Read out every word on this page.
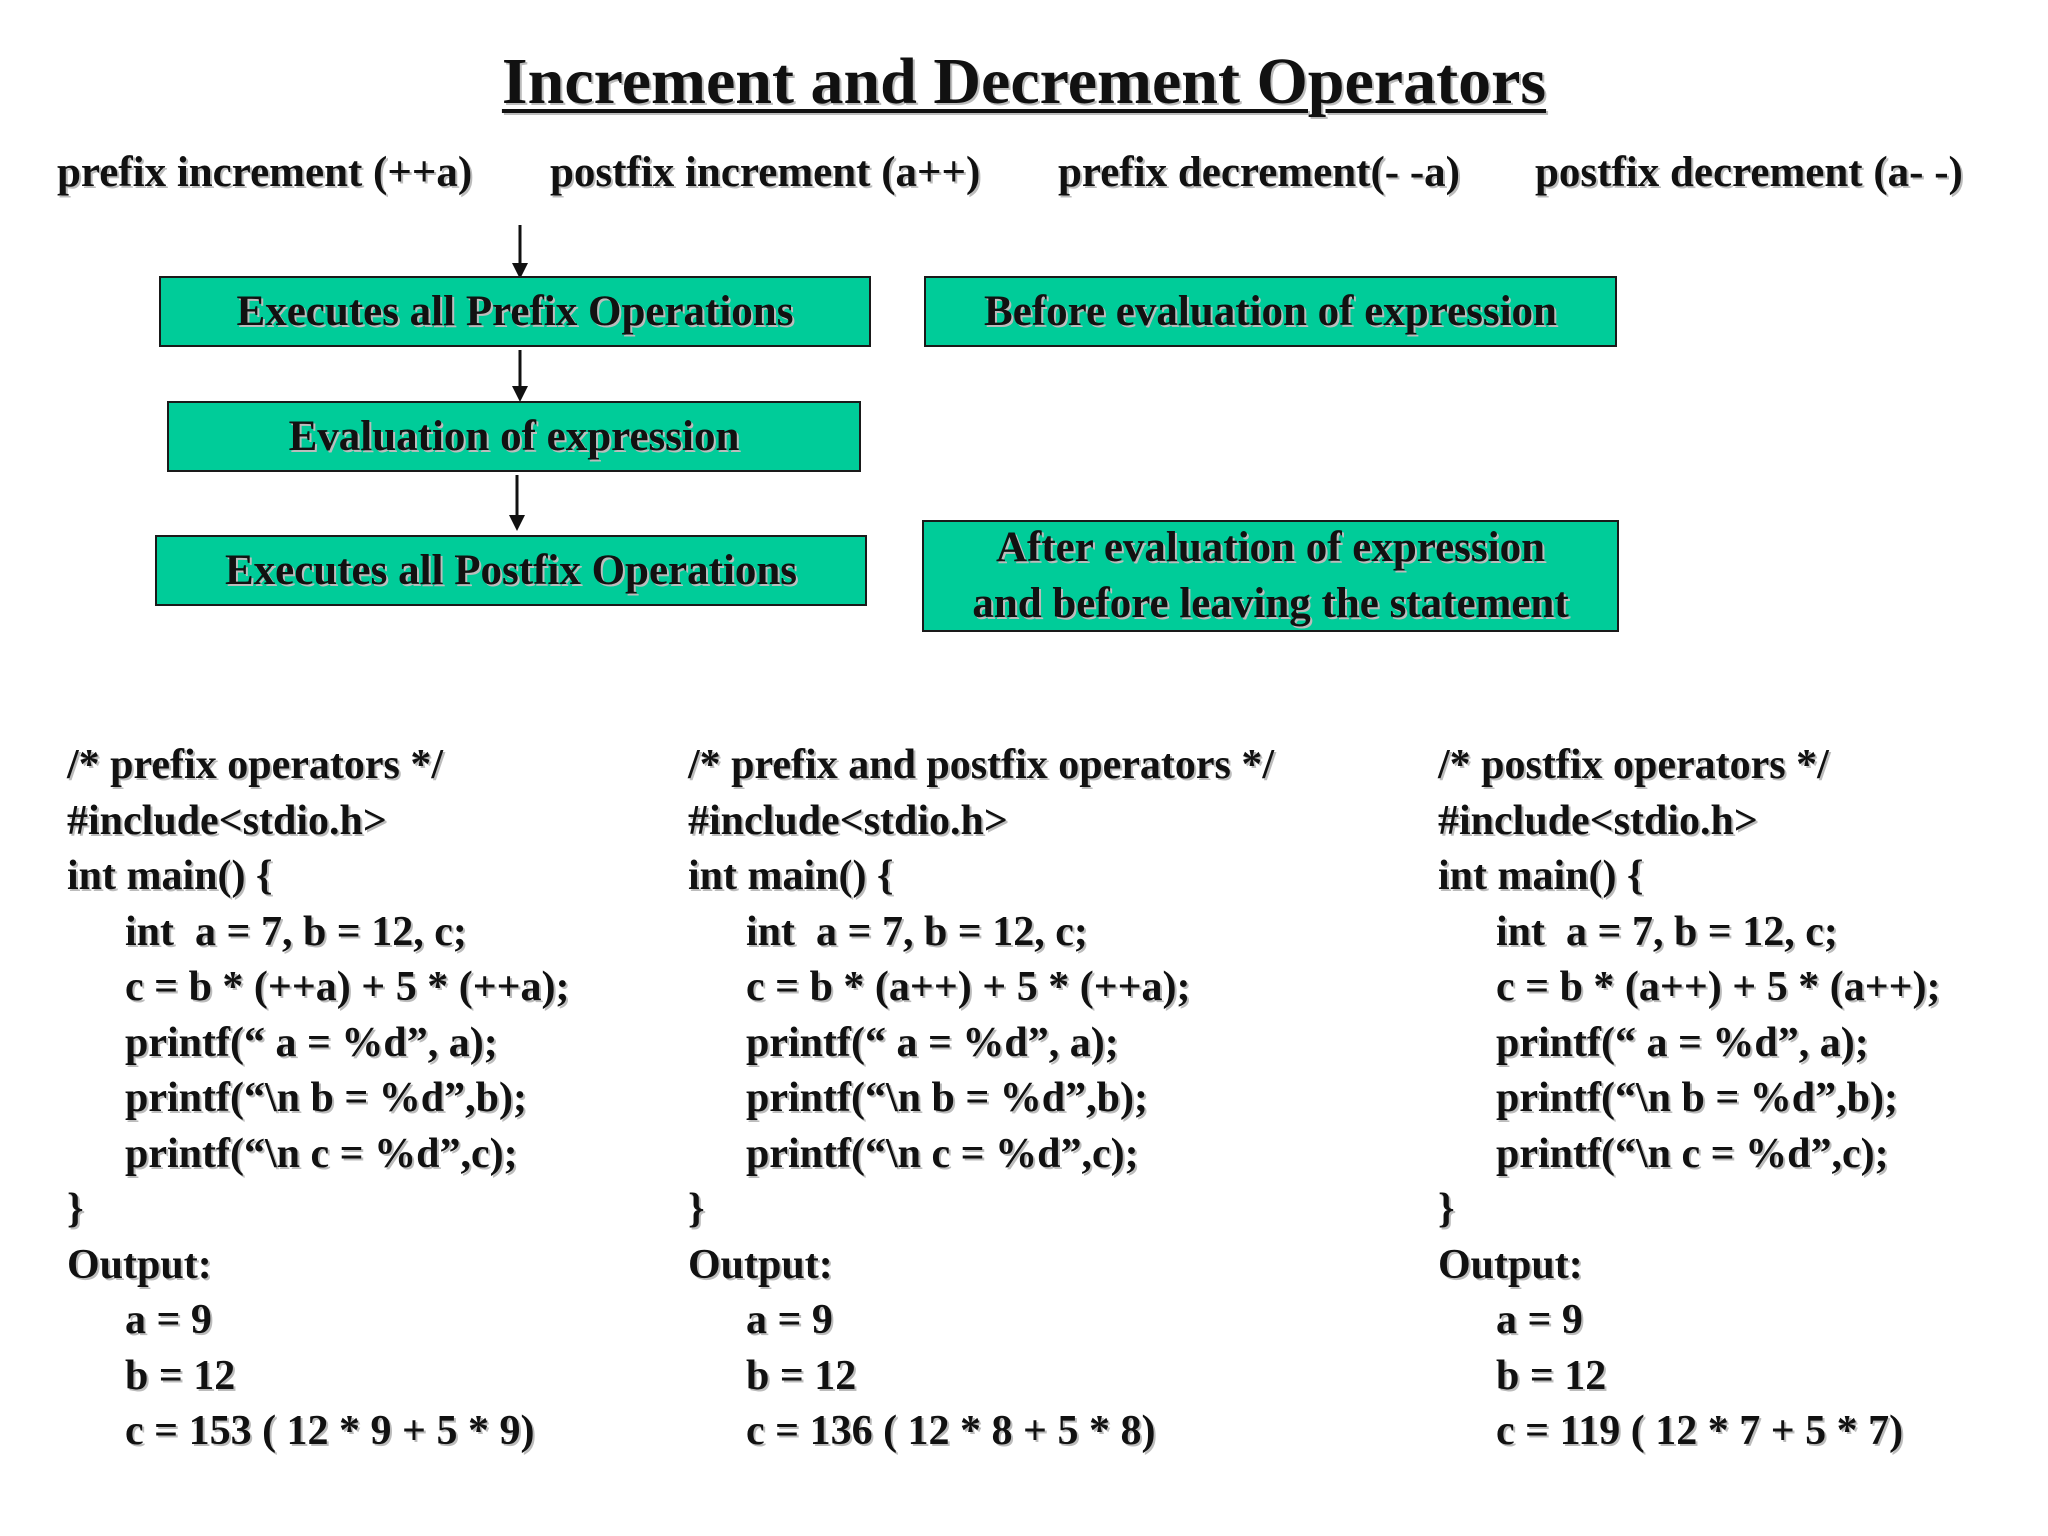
Increment and Decrement Operators
prefix increment (++a) postfix increment (a++) prefix decrement(- -a) postfix decrement (a- -)
Executes all Prefix Operations	Before evaluation of expression
Evaluation of expression
Executes all Postfix Operations	After evaluation of expression
and before leaving the statement
/* prefix operators */
#include<stdio.h>
int main() {
int  a = 7, b = 12, c;
c = b * (++a) + 5 * (++a);
printf(“ a = %d”, a);
printf(“\n b = %d”,b);
printf(“\n c = %d”,c);
}
Output:
a = 9
b = 12
c = 153 ( 12 * 9 + 5 * 9)
/* prefix and postfix operators */
#include<stdio.h>
int main() {
int  a = 7, b = 12, c;
c = b * (a++) + 5 * (++a);
printf(“ a = %d”, a);
printf(“\n b = %d”,b);
printf(“\n c = %d”,c);
}
Output:
a = 9
b = 12
c = 136 ( 12 * 8 + 5 * 8)
/* postfix operators */
#include<stdio.h>
int main() {
int  a = 7, b = 12, c;
c = b * (a++) + 5 * (a++);
printf(“ a = %d”, a);
printf(“\n b = %d”,b);
printf(“\n c = %d”,c);
}
Output:
a = 9
b = 12
c = 119 ( 12 * 7 + 5 * 7)
